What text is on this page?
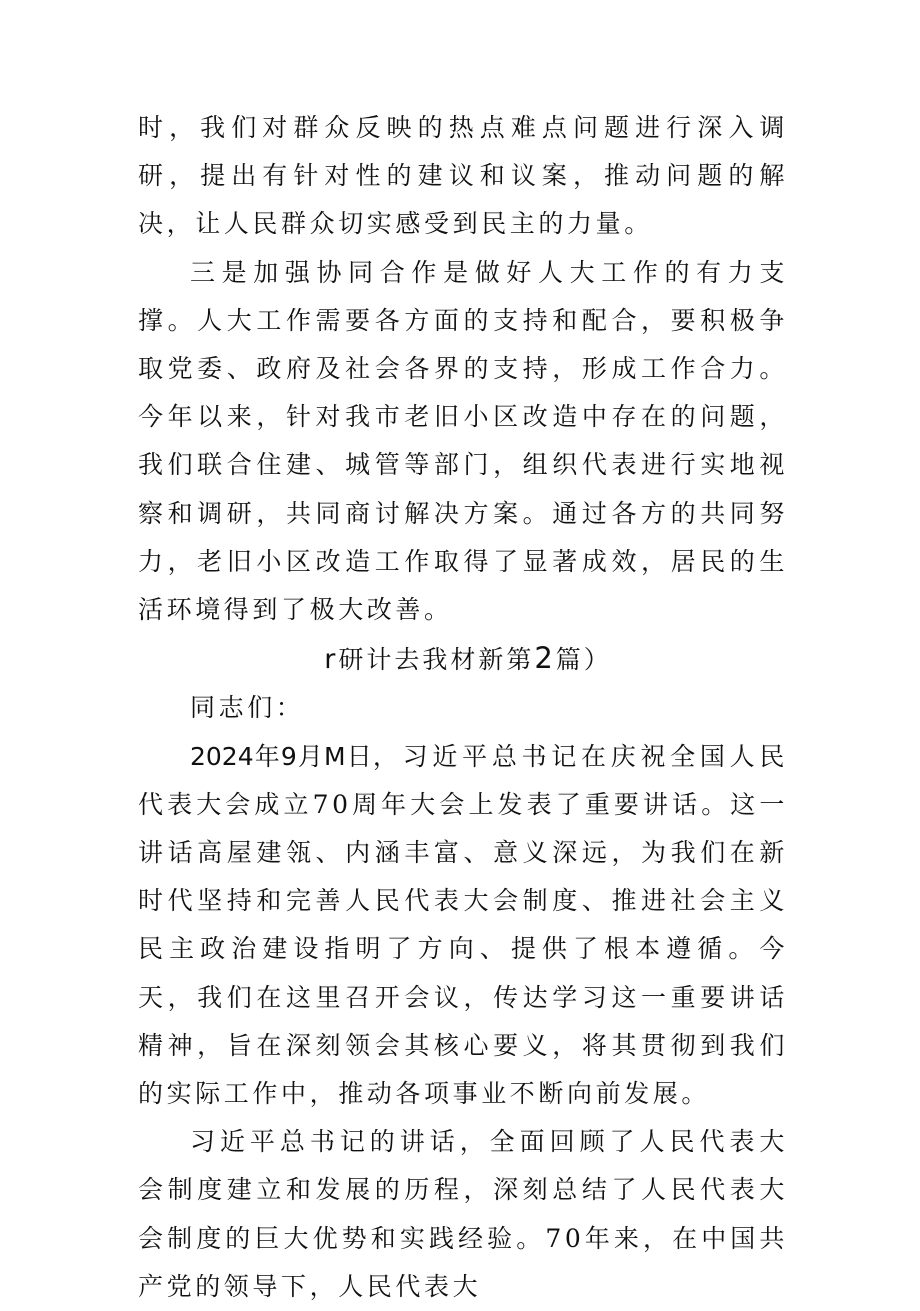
时，我们对群众反映的热点难点问题进行深入调研，提出有针对性的建议和议案，推动问题的解决，让人民群众切实感受到民主的力量。

三是加强协同合作是做好人大工作的有力支撑。人大工作需要各方面的支持和配合，要积极争取党委、政府及社会各界的支持，形成工作合力。今年以来，针对我市老旧小区改造中存在的问题，我们联合住建、城管等部门，组织代表进行实地视察和调研，共同商讨解决方案。通过各方的共同努力，老旧小区改造工作取得了显著成效，居民的生活环境得到了极大改善。

r研计去我材新第2篇）

同志们：

2024年9月M日，习近平总书记在庆祝全国人民代表大会成立70周年大会上发表了重要讲话。这一讲话高屋建瓴、内涵丰富、意义深远，为我们在新时代坚持和完善人民代表大会制度、推进社会主义民主政治建设指明了方向、提供了根本遵循。今天，我们在这里召开会议，传达学习这一重要讲话精神，旨在深刻领会其核心要义，将其贯彻到我们的实际工作中，推动各项事业不断向前发展。

习近平总书记的讲话，全面回顾了人民代表大会制度建立和发展的历程，深刻总结了人民代表大会制度的巨大优势和实践经验。70年来，在中国共产党的领导下，人民代表大
